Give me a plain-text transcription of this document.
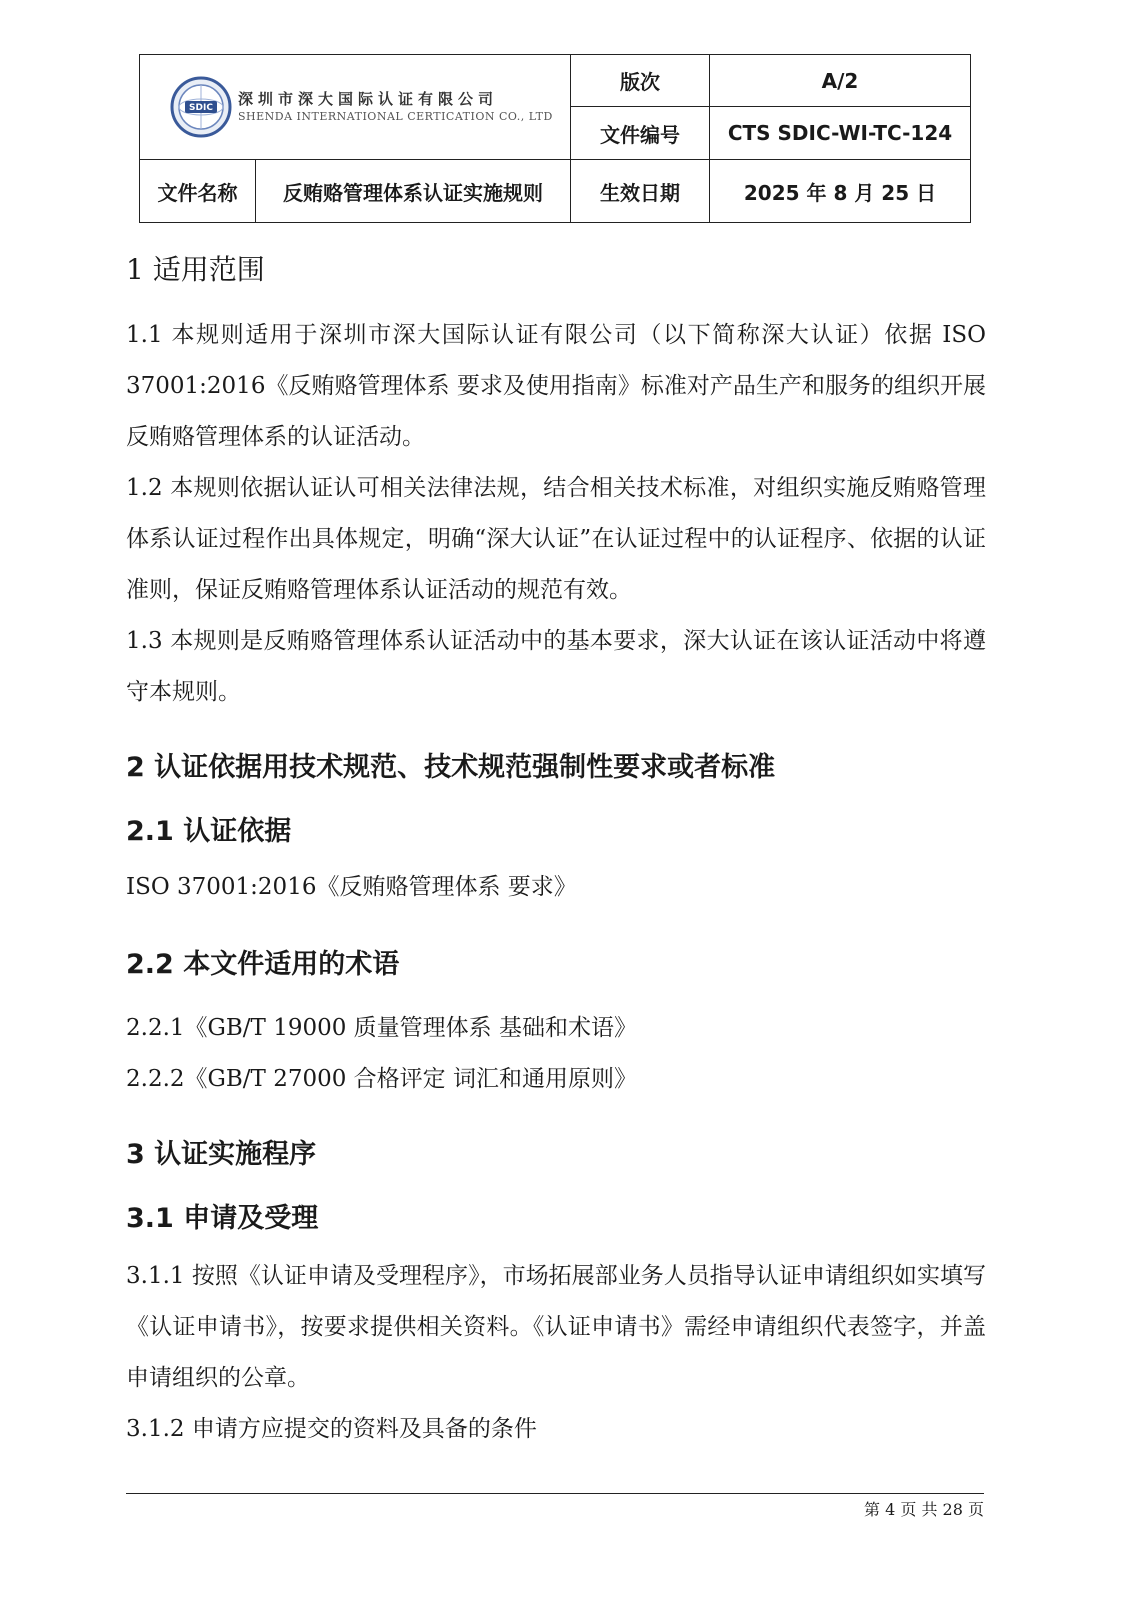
SDIC 深圳市深大国际认证有限公司
SHENDA INTERNATIONAL CERTICATION CO., LTD		版次	A/2
		文件编号	CTS SDIC-WI-TC-124
文件名称	反贿赂管理体系认证实施规则	生效日期	2025 年 8 月 25 日
1 适用范围

1.1 本规则适用于深圳市深大国际认证有限公司（以下简称深大认证）依据 ISO 37001:2016《反贿赂管理体系 要求及使用指南》标准对产品生产和服务的组织开展反贿赂管理体系的认证活动。

1.2 本规则依据认证认可相关法律法规，结合相关技术标准，对组织实施反贿赂管理体系认证过程作出具体规定，明确“深大认证”在认证过程中的认证程序、依据的认证准则，保证反贿赂管理体系认证活动的规范有效。

1.3 本规则是反贿赂管理体系认证活动中的基本要求，深大认证在该认证活动中将遵守本规则。

2 认证依据用技术规范、技术规范强制性要求或者标准
2.1 认证依据

ISO 37001:2016《反贿赂管理体系 要求》

2.2 本文件适用的术语

2.2.1《GB/T 19000 质量管理体系 基础和术语》

2.2.2《GB/T 27000 合格评定 词汇和通用原则》

3 认证实施程序
3.1 申请及受理

3.1.1 按照《认证申请及受理程序》，市场拓展部业务人员指导认证申请组织如实填写《认证申请书》，按要求提供相关资料。《认证申请书》需经申请组织代表签字，并盖申请组织的公章。

3.1.2 申请方应提交的资料及具备的条件

第 4 页 共 28 页
